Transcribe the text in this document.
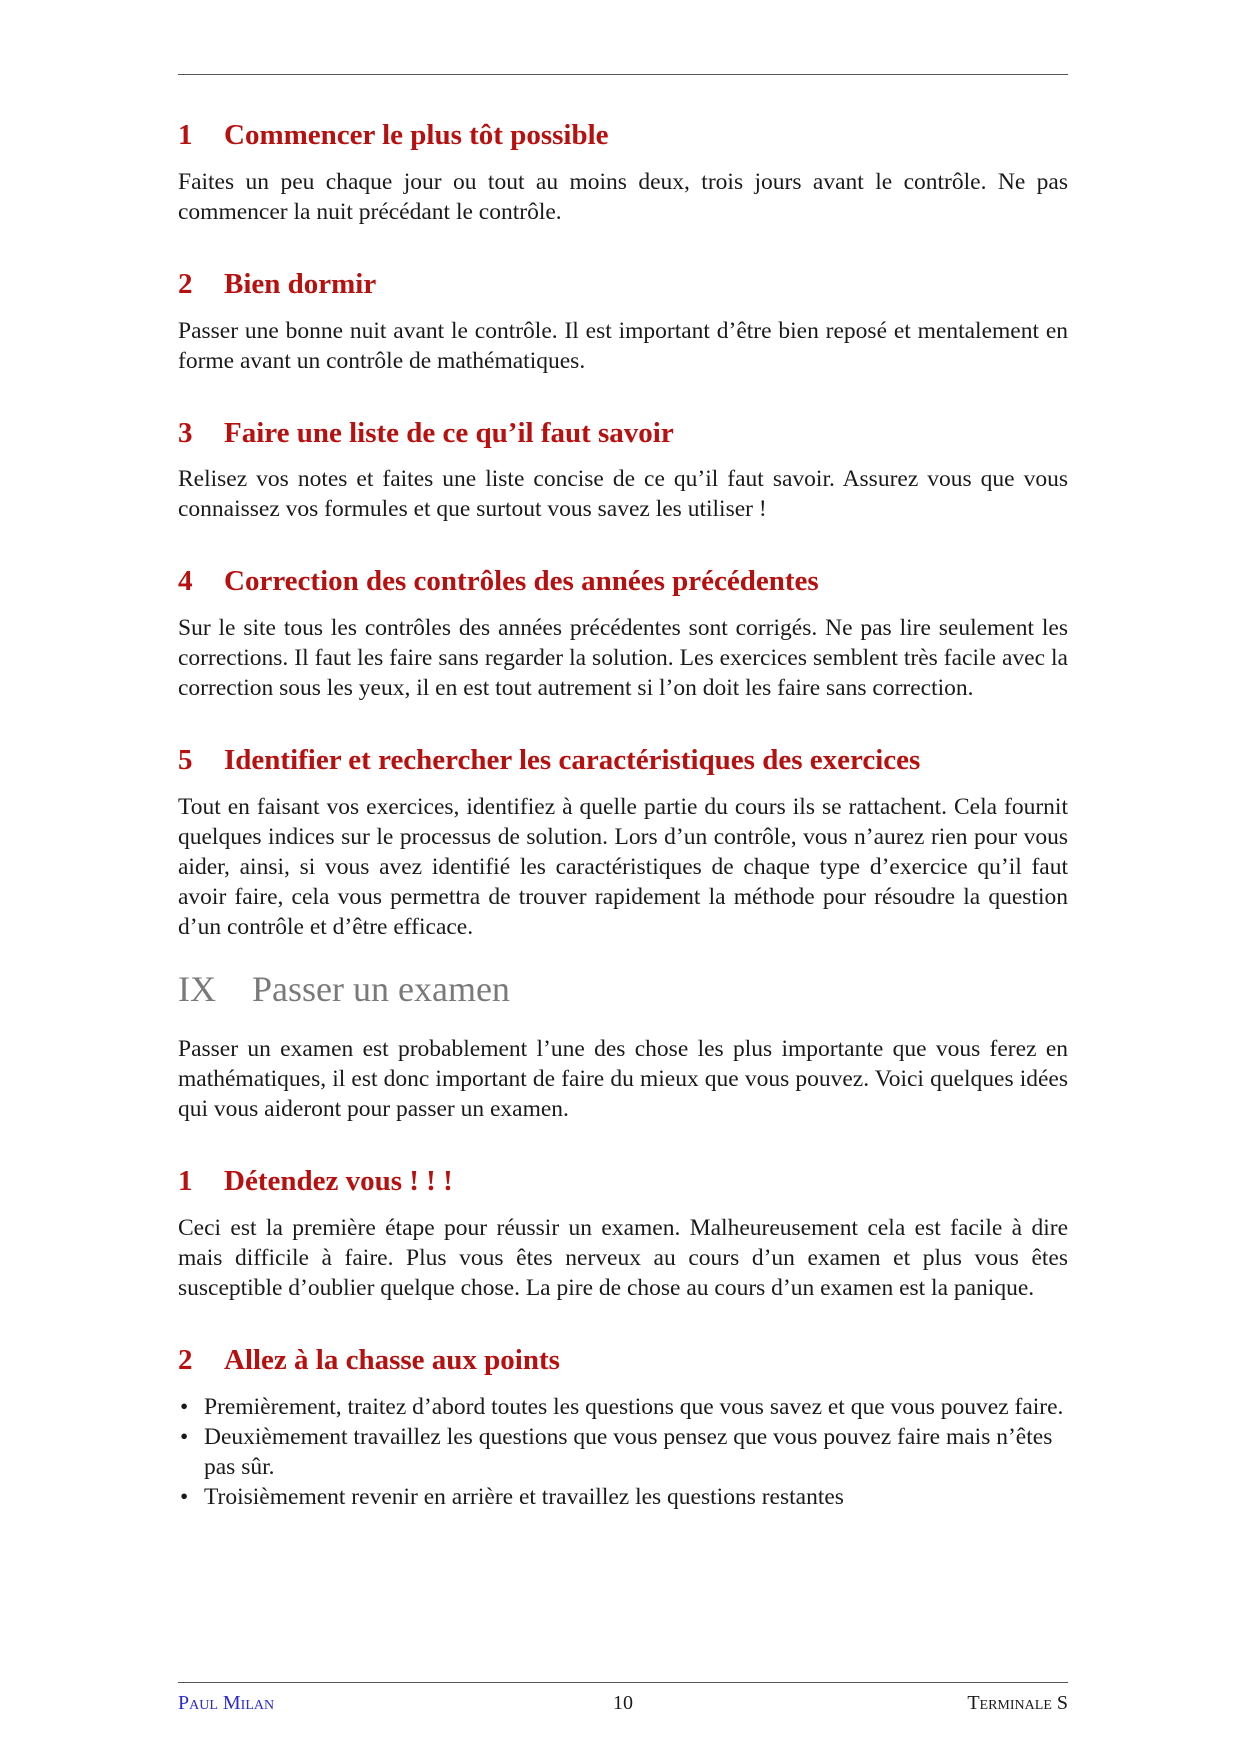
1 Commencer le plus tôt possible

Faites un peu chaque jour ou tout au moins deux, trois jours avant le contrôle. Ne pas commencer la nuit précédant le contrôle.

2 Bien dormir

Passer une bonne nuit avant le contrôle. Il est important d’être bien reposé et mentalement en forme avant un contrôle de mathématiques.

3 Faire une liste de ce qu’il faut savoir

Relisez vos notes et faites une liste concise de ce qu’il faut savoir. Assurez vous que vous connaissez vos formules et que surtout vous savez les utiliser !

4 Correction des contrôles des années précédentes

Sur le site tous les contrôles des années précédentes sont corrigés. Ne pas lire seulement les corrections. Il faut les faire sans regarder la solution. Les exercices semblent très facile avec la correction sous les yeux, il en est tout autrement si l’on doit les faire sans correction.

5 Identifier et rechercher les caractéristiques des exercices

Tout en faisant vos exercices, identifiez à quelle partie du cours ils se rattachent. Cela fournit quelques indices sur le processus de solution. Lors d’un contrôle, vous n’aurez rien pour vous aider, ainsi, si vous avez identifié les caractéristiques de chaque type d’exercice qu’il faut avoir faire, cela vous permettra de trouver rapidement la méthode pour résoudre la question d’un contrôle et d’être efficace.

IX Passer un examen

Passer un examen est probablement l’une des chose les plus importante que vous ferez en mathématiques, il est donc important de faire du mieux que vous pouvez. Voici quelques idées qui vous aideront pour passer un examen.

1 Détendez vous ! ! !

Ceci est la première étape pour réussir un examen. Malheureusement cela est facile à dire mais difficile à faire. Plus vous êtes nerveux au cours d’un examen et plus vous êtes susceptible d’oublier quelque chose. La pire de chose au cours d’un examen est la panique.

2 Allez à la chasse aux points
• Premièrement, traitez d’abord toutes les questions que vous savez et que vous pouvez faire.
• Deuxièmement travaillez les questions que vous pensez que vous pouvez faire mais n’êtes pas sûr.
• Troisièmement revenir en arrière et travaillez les questions restantes
Paul Milan	10	Terminale S
